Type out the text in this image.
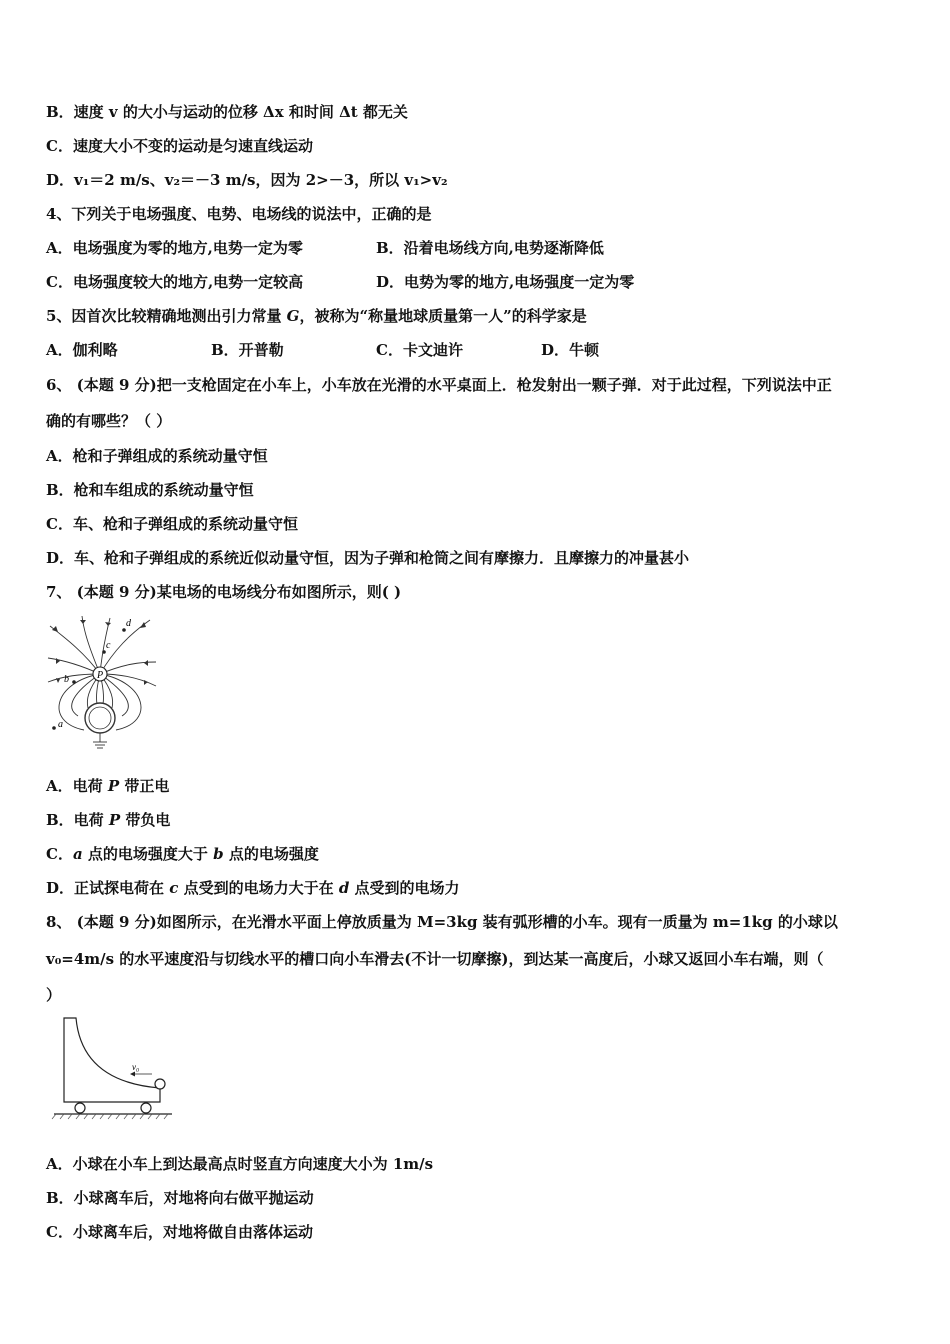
B．速度 v 的大小与运动的位移 Δx 和时间 Δt 都无关
C．速度大小不变的运动是匀速直线运动
D．v₁＝2 m/s、v₂＝－3 m/s，因为 2>－3，所以 v₁>v₂
4、下列关于电场强度、电势、电场线的说法中，正确的是
A．电场强度为零的地方,电势一定为零	B．沿着电场线方向,电势逐渐降低
C．电场强度较大的地方,电势一定较高	D．电势为零的地方,电场强度一定为零
5、因首次比较精确地测出引力常量 G，被称为“称量地球质量第一人”的科学家是
A．伽利略	B．开普勒	C．卡文迪许	D．牛顿
6、 (本题 9 分)把一支枪固定在小车上，小车放在光滑的水平桌面上．枪发射出一颗子弹．对于此过程，下列说法中正
确的有哪些？（ ）
A．枪和子弹组成的系统动量守恒
B．枪和车组成的系统动量守恒
C．车、枪和子弹组成的系统动量守恒
D．车、枪和子弹组成的系统近似动量守恒，因为子弹和枪筒之间有摩擦力．且摩擦力的冲量甚小
7、 (本题 9 分)某电场的电场线分布如图所示，则( )
P
a
b
c
d
A．电荷 P 带正电
B．电荷 P 带负电
C．a 点的电场强度大于 b 点的电场强度
D．正试探电荷在 c 点受到的电场力大于在 d 点受到的电场力
8、 (本题 9 分)如图所示，在光滑水平面上停放质量为 M=3kg 装有弧形槽的小车。现有一质量为 m=1kg 的小球以
v₀=4m/s 的水平速度沿与切线水平的槽口向小车滑去(不计一切摩擦)，到达某一高度后，小球又返回小车右端，则（
）
v₀
A．小球在小车上到达最高点时竖直方向速度大小为 1m/s
B．小球离车后，对地将向右做平抛运动
C．小球离车后，对地将做自由落体运动
